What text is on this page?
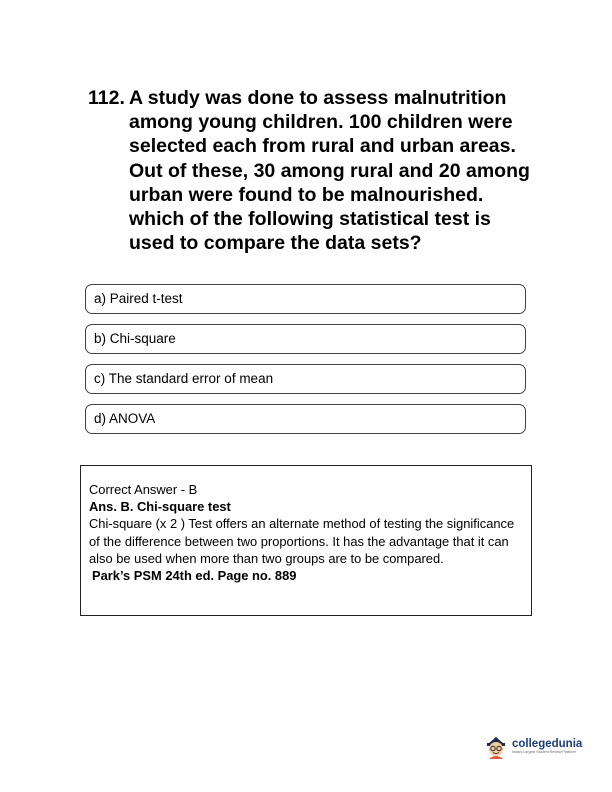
112. A study was done to assess malnutrition among young children. 100 children were selected each from rural and urban areas. Out of these, 30 among rural and 20 among urban were found to be malnourished. which of the following statistical test is used to compare the data sets?
a) Paired t-test
b) Chi-square
c) The standard error of mean
d) ANOVA
Correct Answer - B
Ans. B. Chi-square test
Chi-square (x 2 ) Test offers an alternate method of testing the significance of the difference between two proportions. It has the advantage that it can also be used when more than two groups are to be compared.
Park’s PSM 24th ed. Page no. 889
collegedunia
India's Largest Student Review Platform
